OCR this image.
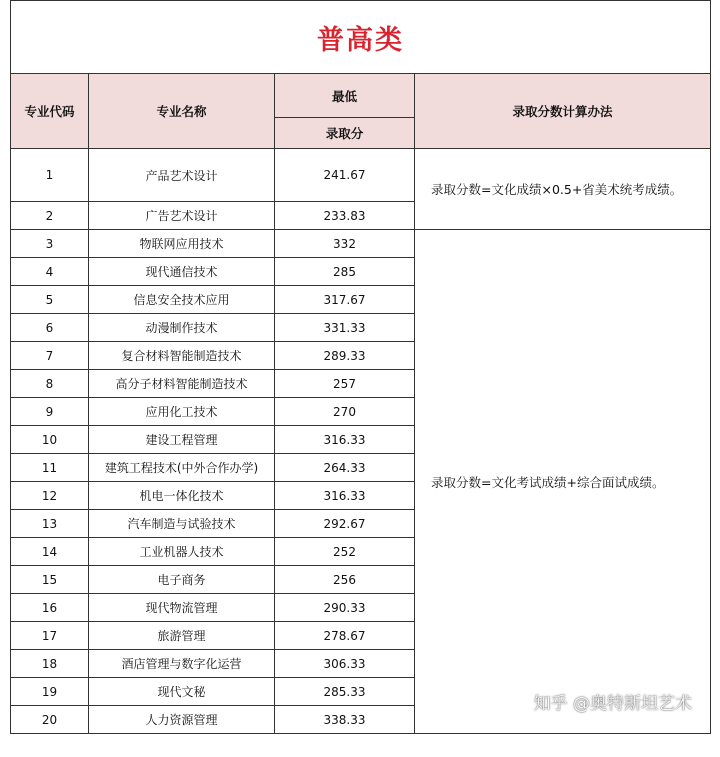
普高类			
专业代码	专业名称	最低	录取分数计算办法
		录取分	
1	产品艺术设计	241.67	录取分数=文化成绩×0.5+省美术统考成绩。
2	广告艺术设计	233.83	
3	物联网应用技术	332	录取分数=文化考试成绩+综合面试成绩。
4	现代通信技术	285	
5	信息安全技术应用	317.67	
6	动漫制作技术	331.33	
7	复合材料智能制造技术	289.33	
8	高分子材料智能制造技术	257	
9	应用化工技术	270	
10	建设工程管理	316.33	
11	建筑工程技术(中外合作办学)	264.33	
12	机电一体化技术	316.33	
13	汽车制造与试验技术	292.67	
14	工业机器人技术	252	
15	电子商务	256	
16	现代物流管理	290.33	
17	旅游管理	278.67	
18	酒店管理与数字化运营	306.33	
19	现代文秘	285.33	
20	人力资源管理	338.33	
知乎 @奥特斯坦艺术
